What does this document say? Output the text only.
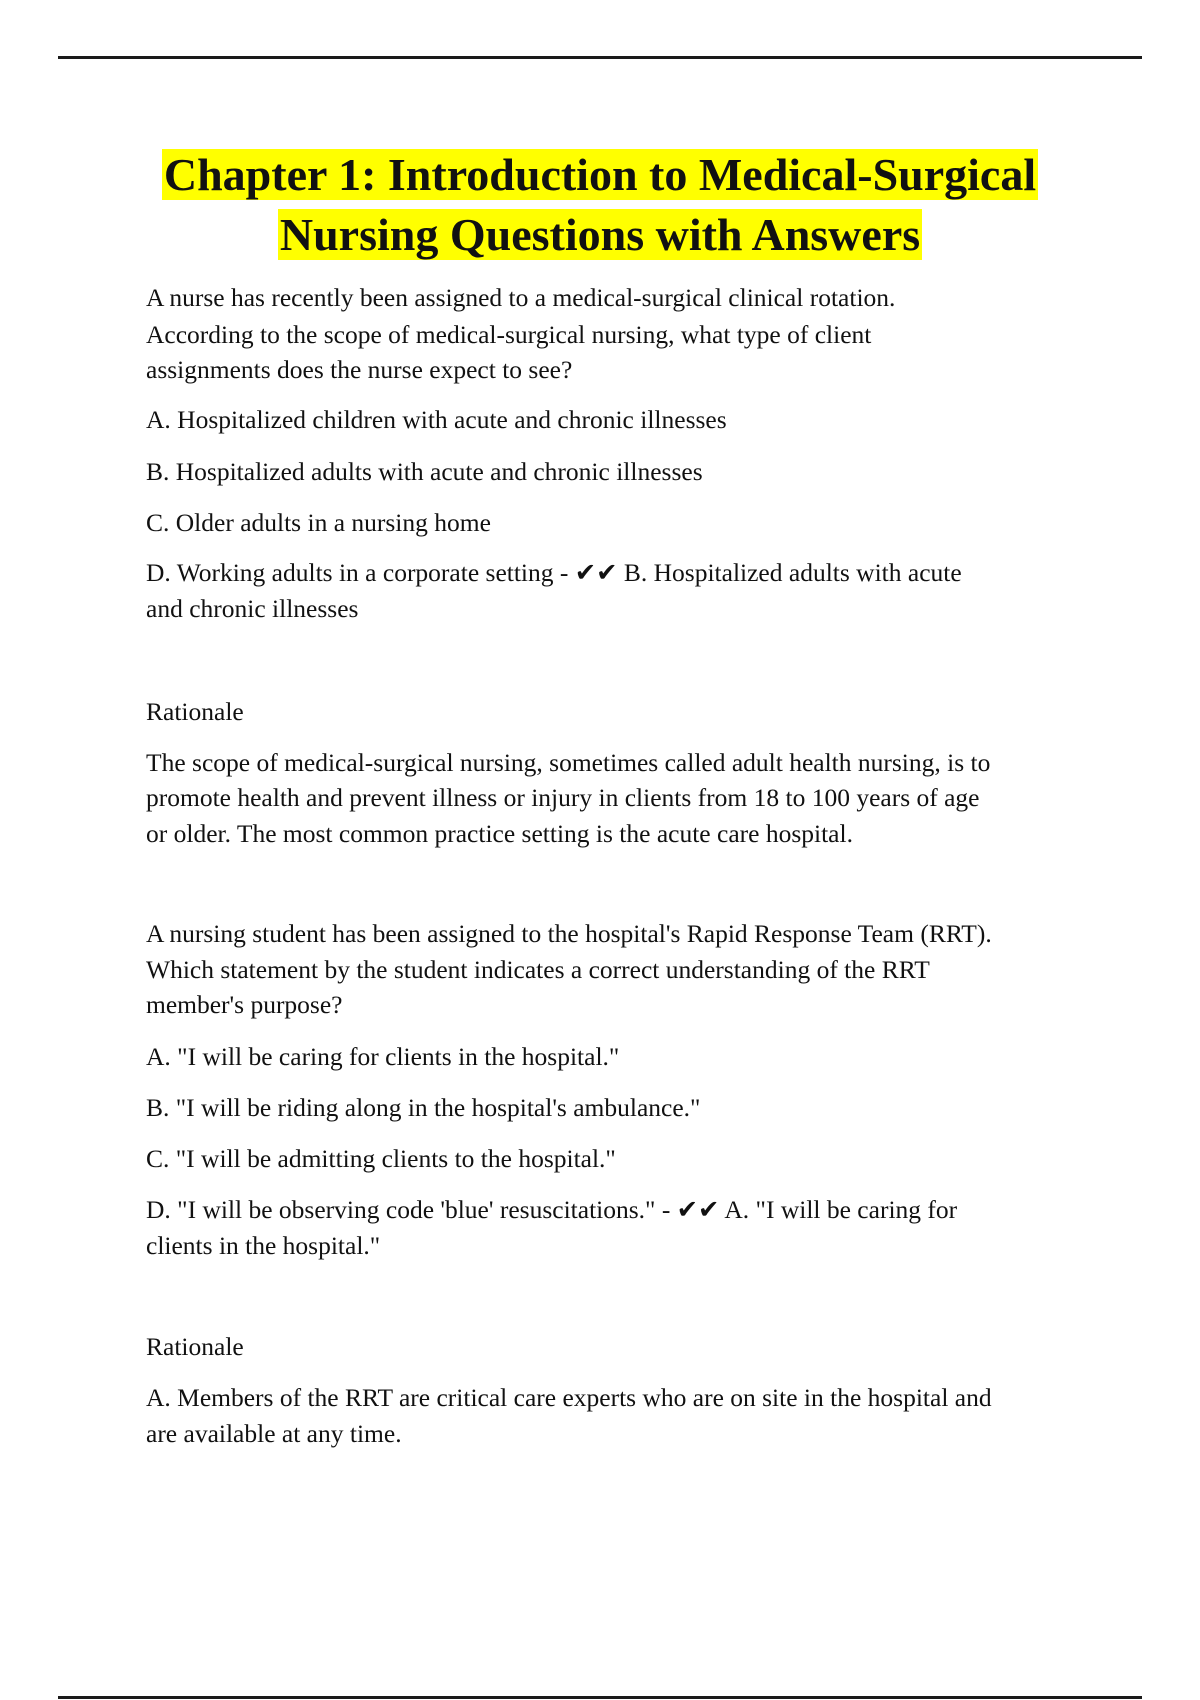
Chapter 1: Introduction to Medical-Surgical
Nursing Questions with Answers
A nurse has recently been assigned to a medical-surgical clinical rotation.
According to the scope of medical-surgical nursing, what type of client
assignments does the nurse expect to see?
A. Hospitalized children with acute and chronic illnesses
B. Hospitalized adults with acute and chronic illnesses
C. Older adults in a nursing home
D. Working adults in a corporate setting - ✔✔ B. Hospitalized adults with acute
and chronic illnesses
Rationale
The scope of medical-surgical nursing, sometimes called adult health nursing, is to
promote health and prevent illness or injury in clients from 18 to 100 years of age
or older. The most common practice setting is the acute care hospital.
A nursing student has been assigned to the hospital's Rapid Response Team (RRT).
Which statement by the student indicates a correct understanding of the RRT
member's purpose?
A. "I will be caring for clients in the hospital."
B. "I will be riding along in the hospital's ambulance."
C. "I will be admitting clients to the hospital."
D. "I will be observing code 'blue' resuscitations." - ✔✔ A. "I will be caring for
clients in the hospital."
Rationale
A. Members of the RRT are critical care experts who are on site in the hospital and
are available at any time.
